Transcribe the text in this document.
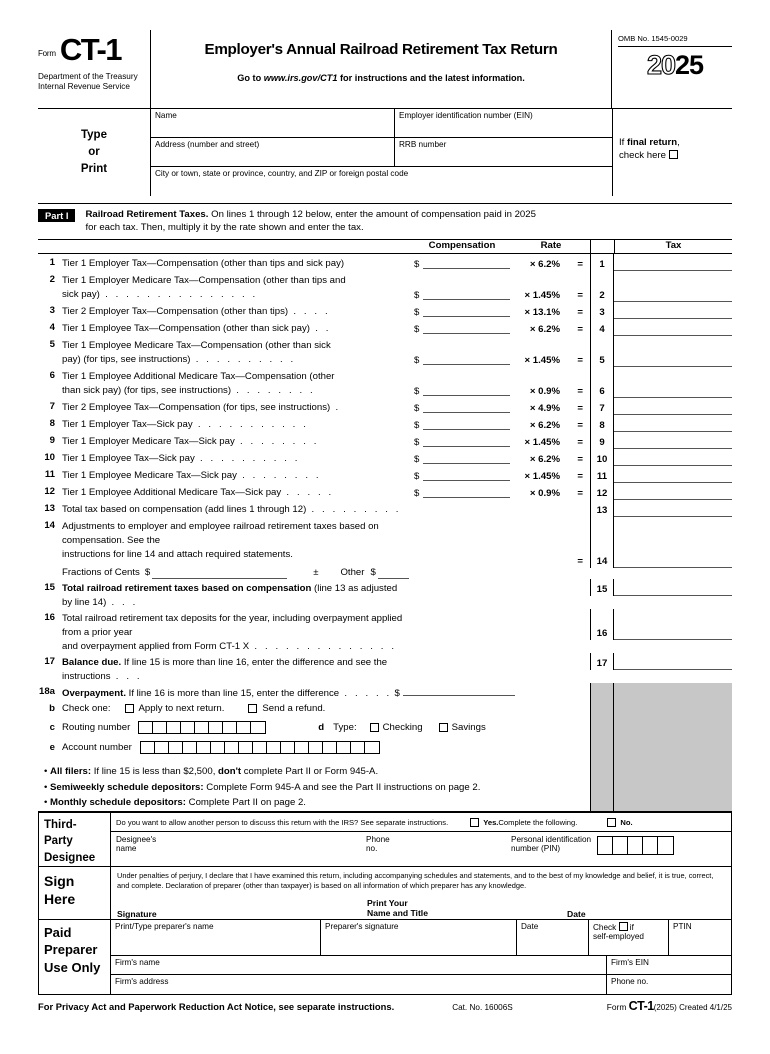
Form CT-1
Department of the Treasury
Internal Revenue Service
Employer's Annual Railroad Retirement Tax Return
Go to www.irs.gov/CT1 for instructions and the latest information.
OMB No. 1545-0029
2025
Type
or
Print
Name	Employer identification number (EIN)
Address (number and street)	RRB number
City or town, state or province, country, and ZIP or foreign postal code
If final return,
check here
Part I	Railroad Retirement Taxes. On lines 1 through 12 below, enter the amount of compensation paid in 2025
for each tax. Then, multiply it by the rate shown and enter the tax.
Compensation	Rate	Tax
1 Tier 1 Employer Tax—Compensation (other than tips and sick pay)	$	× 6.2% =	1
2 Tier 1 Employer Medicare Tax—Compensation (other than tips and
sick pay) . . . . . . . . . . . . . . .	$	× 1.45% =	2
3 Tier 2 Employer Tax—Compensation (other than tips) . . . .	$	× 13.1% =	3
4 Tier 1 Employee Tax—Compensation (other than sick pay) . .	$	× 6.2% =	4
5 Tier 1 Employee Medicare Tax—Compensation (other than sick
pay) (for tips, see instructions) . . . . . . . . . .	$	× 1.45% =	5
6 Tier 1 Employee Additional Medicare Tax—Compensation (other
than sick pay) (for tips, see instructions) . . . . . . . .	$	× 0.9% =	6
7 Tier 2 Employee Tax—Compensation (for tips, see instructions) .	$	× 4.9% =	7
8 Tier 1 Employer Tax—Sick pay . . . . . . . . . . .	$	× 6.2% =	8
9 Tier 1 Employer Medicare Tax—Sick pay . . . . . . . .	$	× 1.45% =	9
10 Tier 1 Employee Tax—Sick pay . . . . . . . . . .	$	× 6.2% =	10
11 Tier 1 Employee Medicare Tax—Sick pay . . . . . . . .	$	× 1.45% =	11
12 Tier 1 Employee Additional Medicare Tax—Sick pay . . . . .	$	× 0.9% =	12
13 Total tax based on compensation (add lines 1 through 12) . . . . . . . . .	13
14 Adjustments to employer and employee railroad retirement taxes based on compensation. See the
instructions for line 14 and attach required statements.
Fractions of Cents $	± Other $
=	14
15 Total railroad retirement taxes based on compensation (line 13 as adjusted by line 14) . . .
15
16 Total railroad retirement tax deposits for the year, including overpayment applied from a prior year
and overpayment applied from Form CT-1 X . . . . . . . . . . . . . .
16
17 Balance due. If line 15 is more than line 16, enter the difference and see the instructions . . .
17
18a Overpayment. If line 16 is more than line 15, enter the difference . . . . . $
b Check one:	Apply to next return.	Send a refund.
c Routing number	d Type:	Checking	Savings
e Account number
• All filers: If line 15 is less than $2,500, don't complete Part II or Form 945-A.
• Semiweekly schedule depositors: Complete Form 945-A and see the Part II instructions on page 2.
• Monthly schedule depositors: Complete Part II on page 2.
Third-
Party
Designee
Do you want to allow another person to discuss this return with the IRS? See separate instructions.	Yes. Complete the following.	No.
Designee's
name
Phone
no.
Personal identification
number (PIN)
Sign
Here
Under penalties of perjury, I declare that I have examined this return, including accompanying schedules and statements, and to the best of my knowledge and belief, it is true, correct, and complete. Declaration of preparer (other than taxpayer) is based on all information of which preparer has any knowledge.
Signature
Print Your
Name and Title	Date
Paid
Preparer
Use Only
Print/Type preparer's name	Preparer's signature	Date	Check if
self-employed
PTIN
Firm's name	Firm's EIN
Firm's address	Phone no.
For Privacy Act and Paperwork Reduction Act Notice, see separate instructions.	Cat. No. 16006S	Form CT-1(2025) Created 4/1/25
